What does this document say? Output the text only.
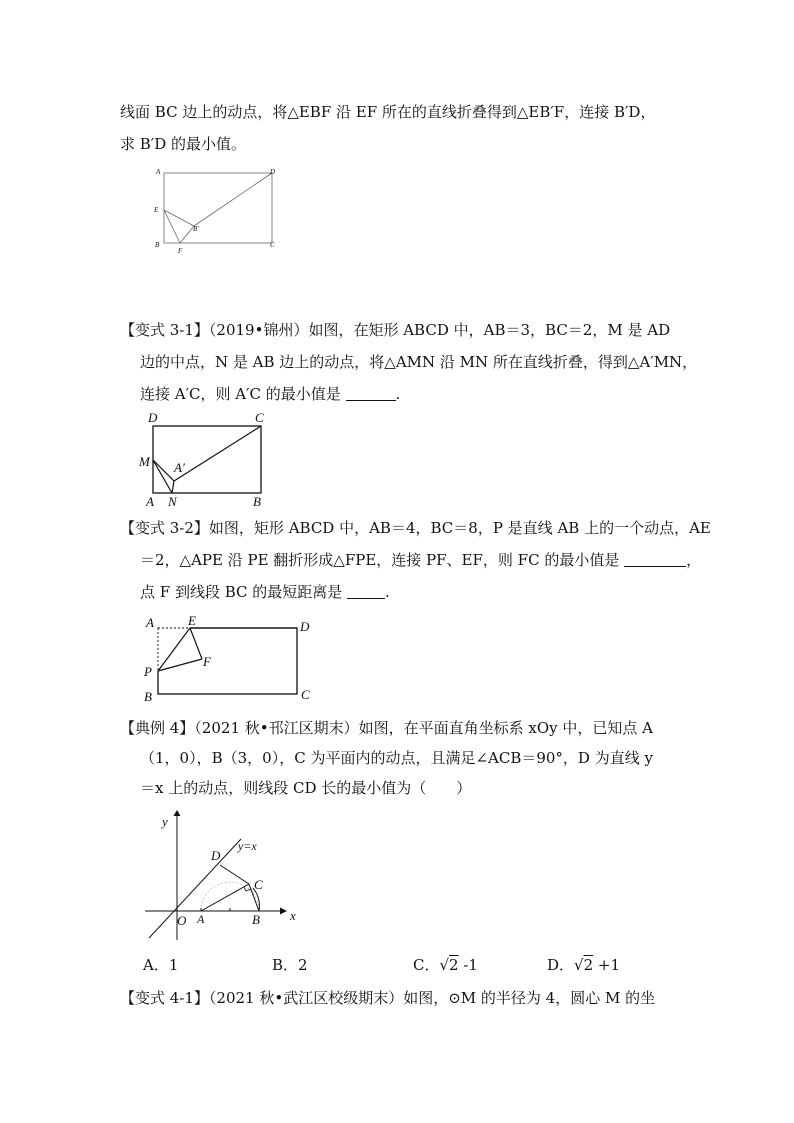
线面 BC 边上的动点，将△EBF 沿 EF 所在的直线折叠得到△EB′F，连接 B′D，
求 B′D 的最小值。
A	D
E
B
F
B′
C
【变式 3-1】（2019•锦州）如图，在矩形 ABCD 中，AB＝3，BC＝2，M 是 AD
边的中点，N 是 AB 边上的动点，将△AMN 沿 MN 所在直线折叠，得到△A′MN，
连接 A′C，则 A′C 的最小值是	.
D	C
M A′
A N	B
【变式 3-2】如图，矩形 ABCD 中，AB＝4，BC＝8，P 是直线 AB 上的一个动点，AE
＝2，△APE 沿 PE 翻折形成△FPE，连接 PF、EF，则 FC 的最小值是	，
点 F 到线段 BC 的最短距离是	.
A	E	D
P
F
B	C
【典例 4】（2021 秋•邗江区期末）如图，在平面直角坐标系 xOy 中，已知点 A
（1，0），B（3，0），C 为平面内的动点，且满足∠ACB＝90°，D 为直线 y
＝x 上的动点，则线段 CD 长的最小值为（　　）
y
x
O A	B
C
D
y=x
A．1	B．2	C．√2 -1	D．√2 +1
【变式 4-1】（2021 秋•武江区校级期末）如图，⊙M 的半径为 4，圆心 M 的坐
